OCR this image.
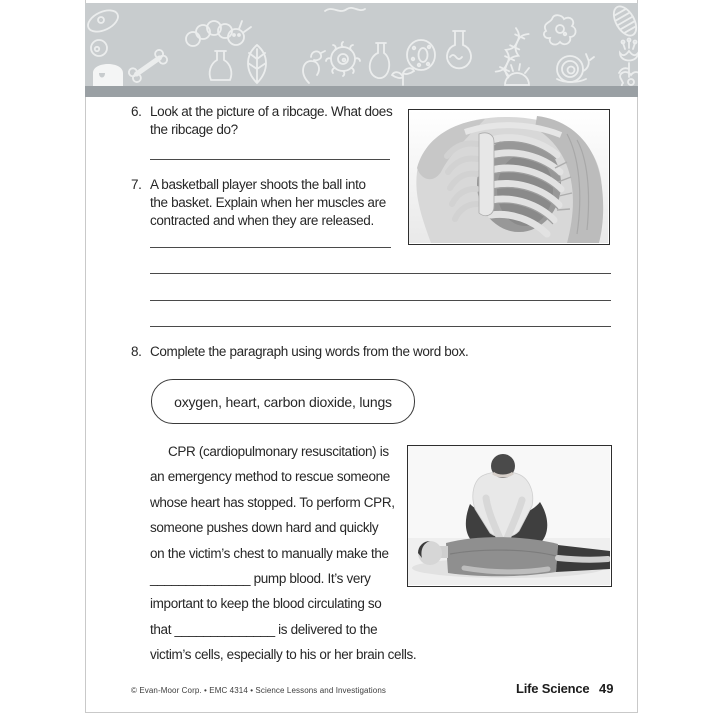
6. Look at the picture of a ribcage. What does
the ribcage do?
7. A basketball player shoots the ball into
the basket. Explain when her muscles are
contracted and when they are released.
8. Complete the paragraph using words from the word box.
oxygen, heart, carbon dioxide, lungs
CPR (cardiopulmonary resuscitation) is
an emergency method to rescue someone
whose heart has stopped. To perform CPR,
someone pushes down hard and quickly
on the victim’s chest to manually make the
______________ pump blood. It’s very
important to keep the blood circulating so
that ______________ is delivered to the
victim’s cells, especially to his or her brain cells.
© Evan-Moor Corp. • EMC 4314 • Science Lessons and Investigations	Life Science 49
